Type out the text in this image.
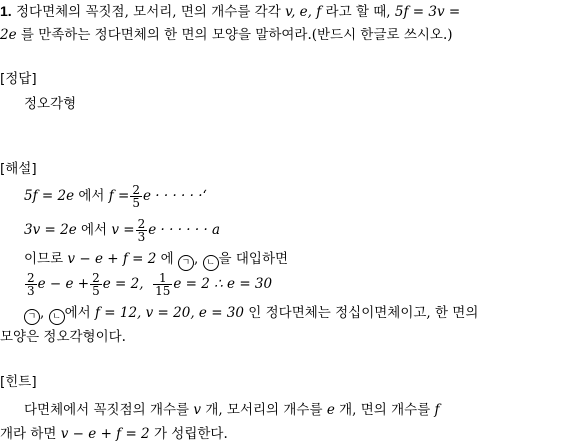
1. 정다면체의 꼭짓점, 모서리, 면의 개수를 각각 v, e, f 라고 할 때, 5f = 3v =
2e 를 만족하는 정다면체의 한 면의 모양을 말하여라.(반드시 한글로 쓰시오.)
[정답]
정오각형
[해설]
5f = 2e 에서 $f = \frac{2}{5}$ e · · · · · ·‘
3v = 2e 에서 $v = \frac{2}{3}$ e · · · · · · a
이므로 v − e + f = 2 에 ㄱ , ㄴ 을 대입하면
$\frac{2}{3}$ $e - e + \frac{2}{5}$ e = 2, $\frac{1}{15}$ e = 2 ∴ e = 30
ㄱ , ㄴ 에서 f = 12, v = 20, e = 30 인 정다면체는 정십이면체이고, 한 면의
모양은 정오각형이다.
[힌트]
다면체에서 꼭짓점의 개수를 v 개, 모서리의 개수를 e 개, 면의 개수를 f
개라 하면 v − e + f = 2 가 성립한다.
